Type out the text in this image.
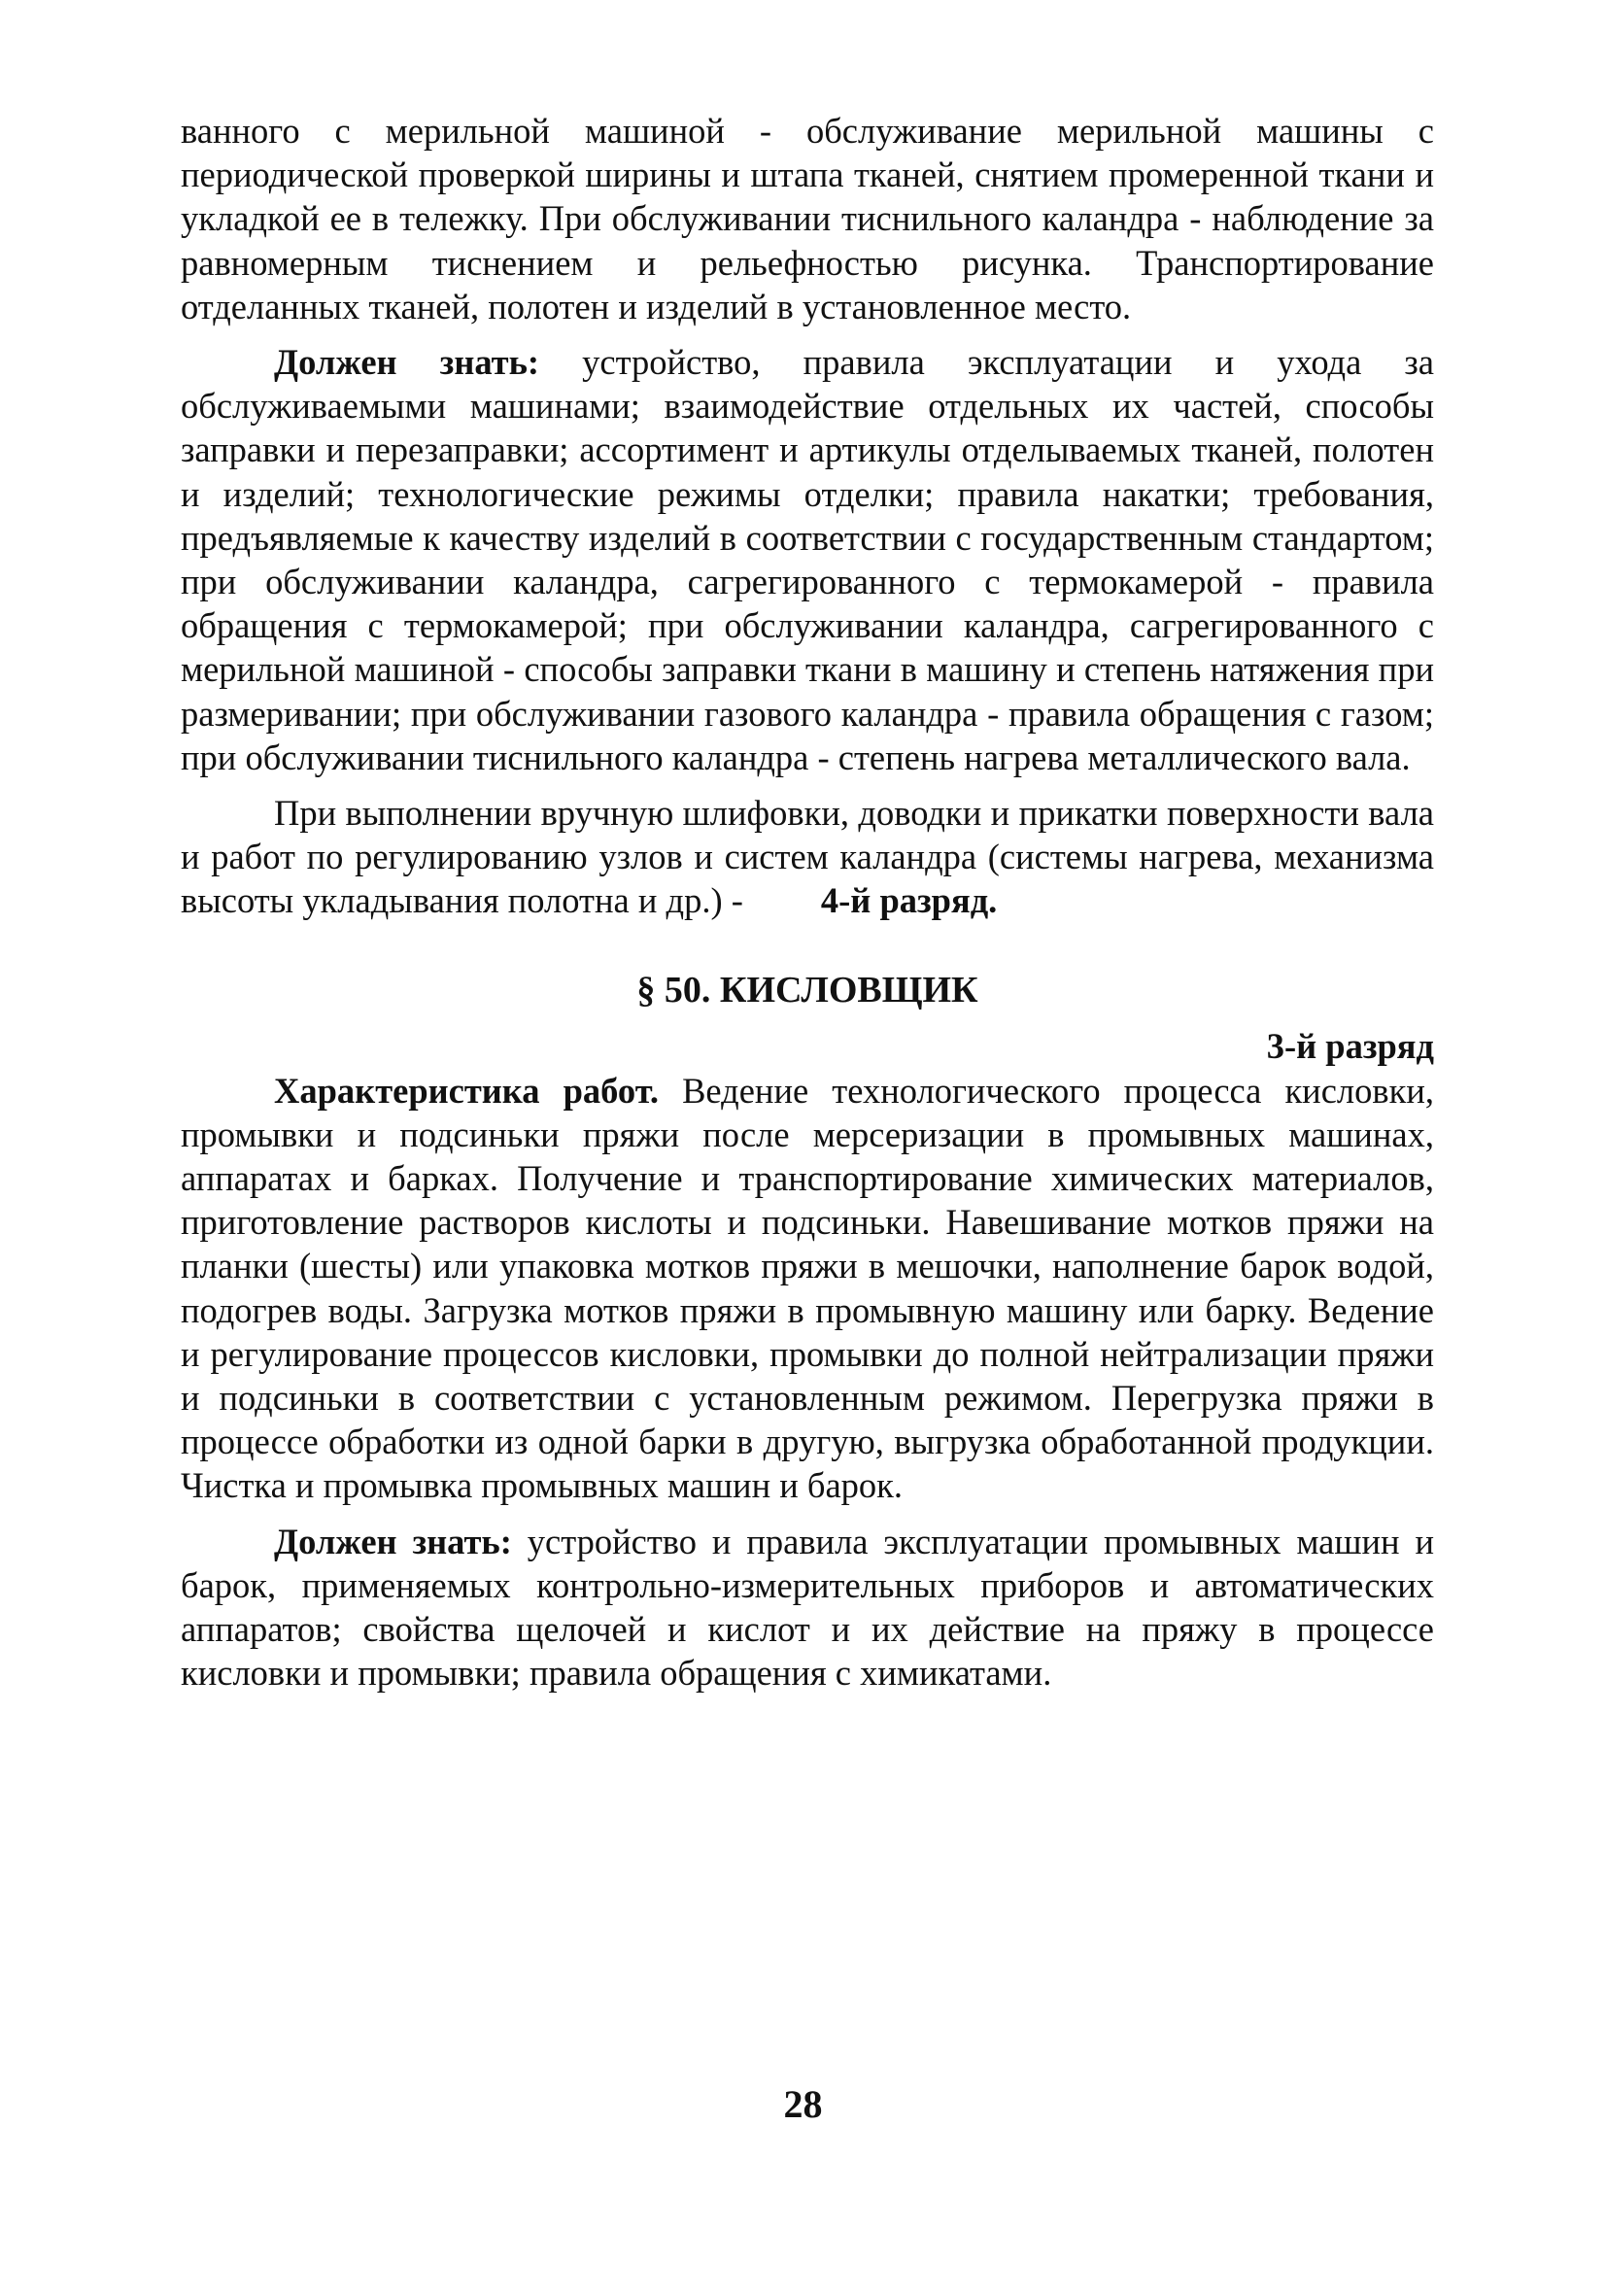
ванного с мерильной машиной - обслуживание мерильной машины с периодической проверкой ширины и штапа тканей, снятием промеренной ткани и укладкой ее в тележку. При обслуживании тиснильного каландра - наблюдение за равномерным тиснением и рельефностью рисунка. Транспортирование отделанных тканей, полотен и изделий в установленное место.

Должен знать: устройство, правила эксплуатации и ухода за обслуживаемыми машинами; взаимодействие отдельных их частей, способы заправки и перезаправки; ассортимент и артикулы отделываемых тканей, полотен и изделий; технологические режимы отделки; правила накатки; требования, предъявляемые к качеству изделий в соответствии с государственным стандартом; при обслуживании каландра, сагрегированного с термокамерой - правила обращения с термокамерой; при обслуживании каландра, сагрегированного с мерильной машиной - способы заправки ткани в машину и степень натяжения при размеривании; при обслуживании газового каландра - правила обращения с газом; при обслуживании тиснильного каландра - степень нагрева металлического вала.

При выполнении вручную шлифовки, доводки и прикатки поверхности вала и работ по регулированию узлов и систем каландра (системы нагрева, механизма высоты укладывания полотна и др.) - 4-й разряд.

§ 50. КИСЛОВЩИК
3-й разряд

Характеристика работ. Ведение технологического процесса кисловки, промывки и подсиньки пряжи после мерсеризации в промывных машинах, аппаратах и барках. Получение и транспортирование химических материалов, приготовление растворов кислоты и подсиньки. Навешивание мотков пряжи на планки (шесты) или упаковка мотков пряжи в мешочки, наполнение барок водой, подогрев воды. Загрузка мотков пряжи в промывную машину или барку. Ведение и регулирование процессов кисловки, промывки до полной нейтрализации пряжи и подсиньки в соответствии с установленным режимом. Перегрузка пряжи в процессе обработки из одной барки в другую, выгрузка обработанной продукции. Чистка и промывка промывных машин и барок.

Должен знать: устройство и правила эксплуатации промывных машин и барок, применяемых контрольно-измерительных приборов и автоматических аппаратов; свойства щелочей и кислот и их действие на пряжу в процессе кисловки и промывки; правила обращения с химикатами.

28
